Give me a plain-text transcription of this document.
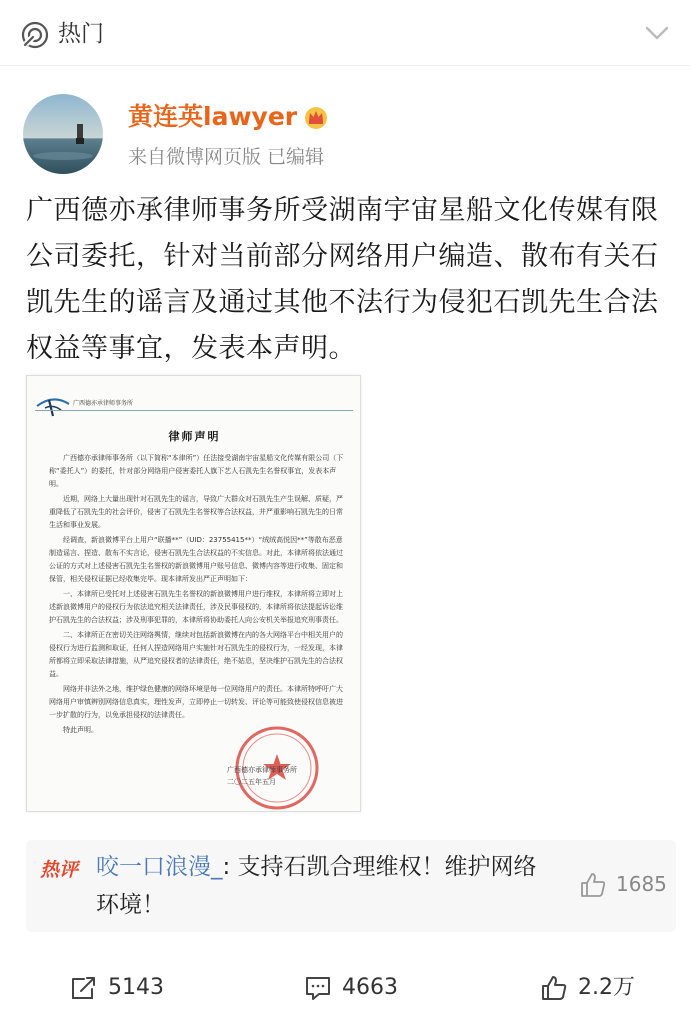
热门
黄连英lawyer
来自微博网页版 已编辑
广西德亦承律师事务所受湖南宇宙星船文化传媒有限公司委托，针对当前部分网络用户编造、散布有关石凯先生的谣言及通过其他不法行为侵犯石凯先生合法权益等事宜，发表本声明。
广西德亦承律师事务所
律师声明

广西德亦承律师事务所（以下简称“本律所”）任法接受湖南宇宙星船文化传媒有限公司（下称“委托人”）的委托，针对部分网络用户侵害委托人旗下艺人石凯先生名誉权事宜，发表本声明。

近期，网络上大量出现针对石凯先生的谣言，导致广大群众对石凯先生产生误解、质疑，严重降低了石凯先生的社会评价，侵害了石凯先生名誉权等合法权益，并严重影响石凯先生的日常生活和事业发展。

经调查，新浪微博平台上用户“联播**”（UID：23755415**）“绒绒高悦因**”等散布恶意制造谣言、捏造、散布不实言论，侵害石凯先生合法权益的不实信息。对此，本律所将依法通过公证的方式对上述侵害石凯先生名誉权的新浪微博用户账号信息、微博内容等进行收集、固定和保管，相关侵权证据已经收集完毕。现本律所发出严正声明如下：

一、本律所已受托对上述侵害石凯先生名誉权的新浪微博用户进行维权，本律所将立即对上述新浪微博用户的侵权行为依法追究相关法律责任，涉及民事侵权的，本律所将依法提起诉讼维护石凯先生的合法权益；涉及刑事犯罪的，本律所将协助委托人向公安机关举报追究刑事责任。

二、本律所正在密切关注网络舆情，继续对包括新浪微博在内的各大网络平台中相关用户的侵权行为进行监测和取证，任何人捏造网络用户实施针对石凯先生的侵权行为，一经发现，本律所都将立即采取法律措施，从严追究侵权者的法律责任，绝不姑息，坚决维护石凯先生的合法权益。

网络并非法外之地，维护绿色健康的网络环境是每一位网络用户的责任。本律所特呼吁广大网络用户审慎辨别网络信息真实，理性发声，立即停止一切转发、评论等可能致使侵权信息被进一步扩散的行为，以免承担侵权的法律责任。

特此声明。

广西德亦承律师事务所
二〇二五年五月
热评 咬一口浪漫_: 支持石凯合理维权！维护网络环境！
1685
5143	4663	2.2万
